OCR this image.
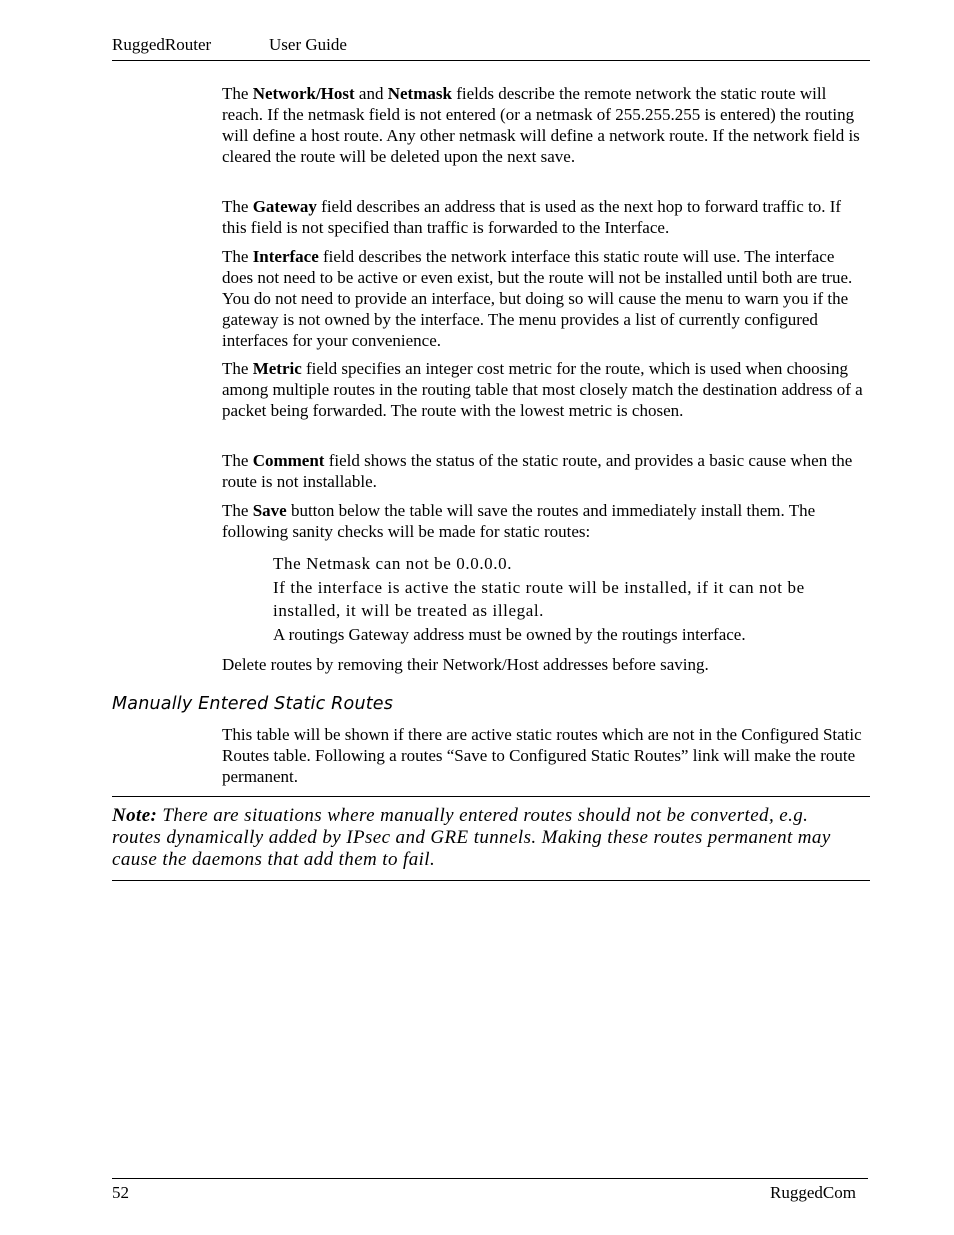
RuggedRouter	User Guide

The Network/Host and Netmask fields describe the remote network the static route will reach. If the netmask field is not entered (or a netmask of 255.255.255 is entered) the routing will define a host route. Any other netmask will define a network route. If the network field is cleared the route will be deleted upon the next save.

The Gateway field describes an address that is used as the next hop to forward traffic to. If this field is not specified than traffic is forwarded to the Interface.

The Interface field describes the network interface this static route will use. The interface does not need to be active or even exist, but the route will not be installed until both are true. You do not need to provide an interface, but doing so will cause the menu to warn you if the gateway is not owned by the interface. The menu provides a list of currently configured interfaces for your convenience.

The Metric field specifies an integer cost metric for the route, which is used when choosing among multiple routes in the routing table that most closely match the destination address of a packet being forwarded. The route with the lowest metric is chosen.

The Comment field shows the status of the static route, and provides a basic cause when the route is not installable.

The Save button below the table will save the routes and immediately install them. The following sanity checks will be made for static routes:

The Netmask can not be 0.0.0.0.

If the interface is active the static route will be installed, if it can not be installed, it will be treated as illegal.

A routings Gateway address must be owned by the routings interface.

Delete routes by removing their Network/Host addresses before saving.

Manually Entered Static Routes

This table will be shown if there are active static routes which are not in the Configured Static Routes table. Following a routes “Save to Configured Static Routes” link will make the route permanent.

Note: There are situations where manually entered routes should not be converted, e.g. routes dynamically added by IPsec and GRE tunnels. Making these routes permanent may cause the daemons that add them to fail.

52	RuggedCom
